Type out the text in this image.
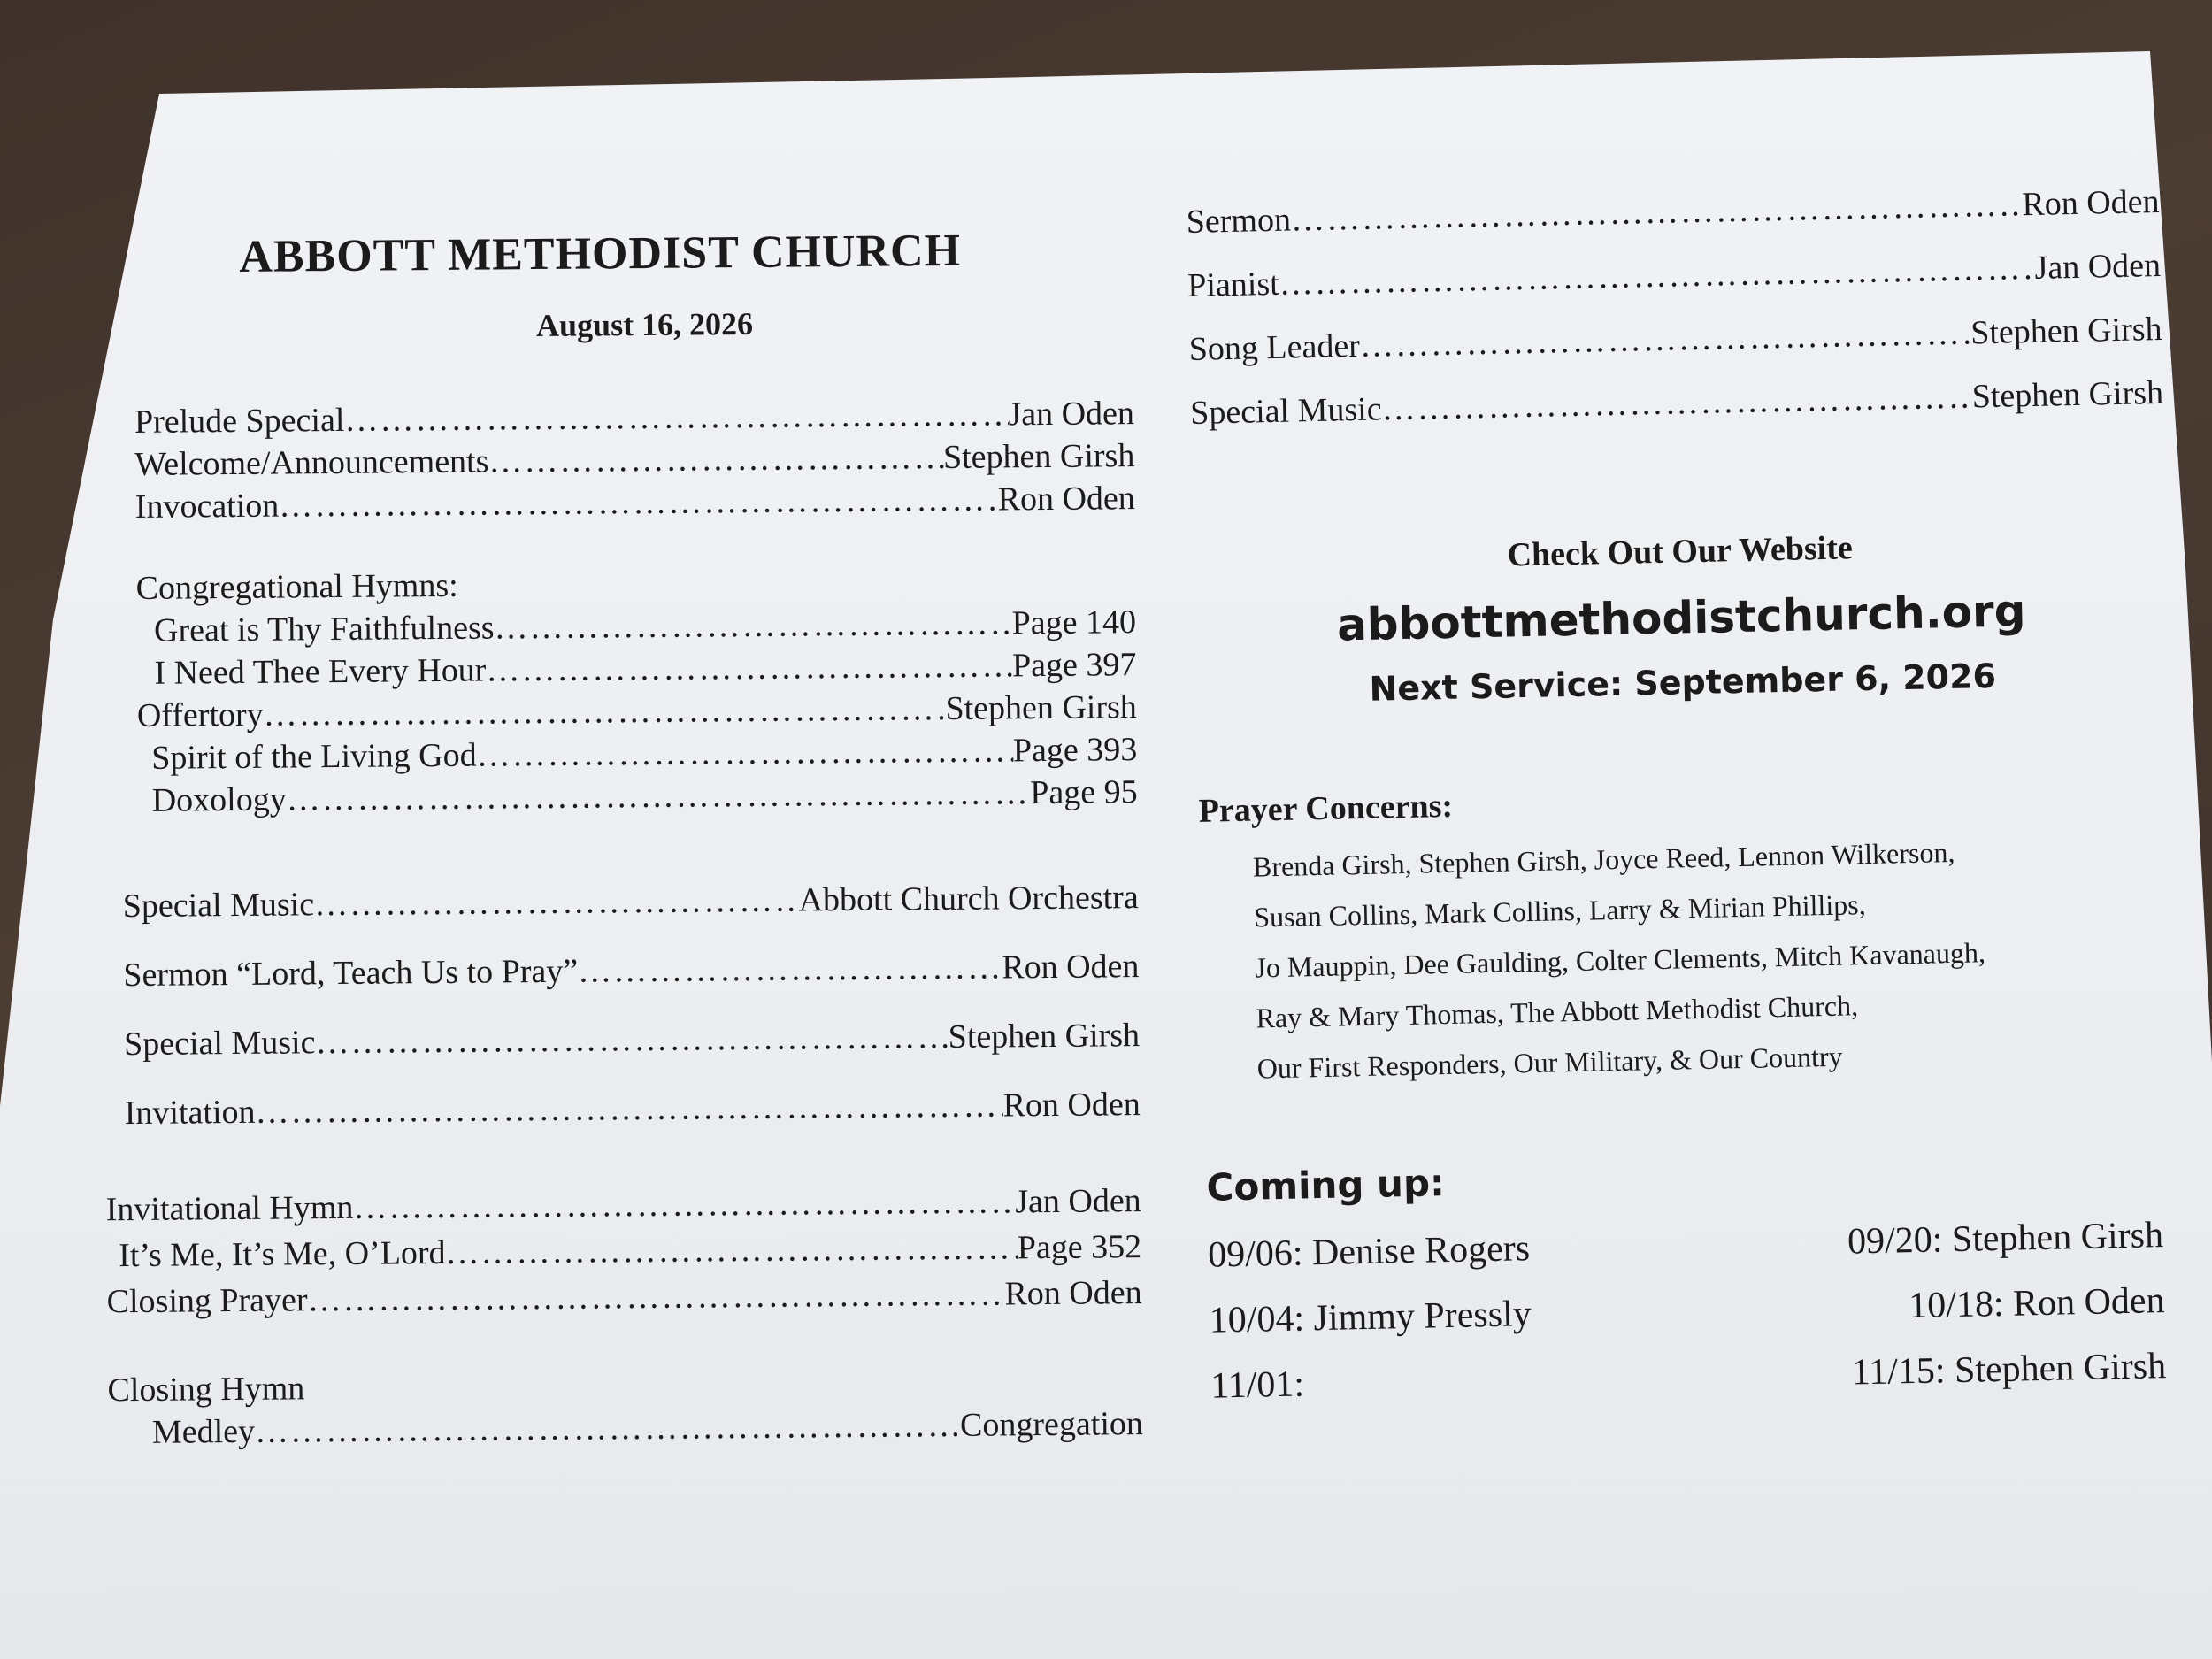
ABBOTT METHODIST CHURCH
August 16, 2026
Prelude Special …………………………………………………………………………………………………………………………………………	Jan Oden
Welcome/Announcements …………………………………………………………………………………………………………………………………………	Stephen Girsh
Invocation …………………………………………………………………………………………………………………………………………	Ron Oden
Congregational Hymns:
Great is Thy Faithfulness …………………………………………………………………………………………………………………………………………	Page 140
I Need Thee Every Hour …………………………………………………………………………………………………………………………………………	Page 397
Offertory …………………………………………………………………………………………………………………………………………	Stephen Girsh
Spirit of the Living God …………………………………………………………………………………………………………………………………………	Page 393
Doxology …………………………………………………………………………………………………………………………………………	Page 95
Special Music …………………………………………………………………………………………………………………………………………	Abbott Church Orchestra
Sermon “Lord, Teach Us to Pray” …………………………………………………………………………………………………………………………………………	Ron Oden
Special Music …………………………………………………………………………………………………………………………………………	Stephen Girsh
Invitation …………………………………………………………………………………………………………………………………………	Ron Oden
Invitational Hymn …………………………………………………………………………………………………………………………………………	Jan Oden
It’s Me, It’s Me, O’Lord …………………………………………………………………………………………………………………………………………	Page 352
Closing Prayer …………………………………………………………………………………………………………………………………………	Ron Oden
Closing Hymn
Medley …………………………………………………………………………………………………………………………………………	Congregation
Sermon …………………………………………………………………………………………………………………………………………	Ron Oden
Pianist …………………………………………………………………………………………………………………………………………	Jan Oden
Song Leader …………………………………………………………………………………………………………………………………………	Stephen Girsh
Special Music …………………………………………………………………………………………………………………………………………	Stephen Girsh
Check Out Our Website
abbottmethodistchurch.org
Next Service: September 6, 2026
Prayer Concerns:
Brenda Girsh, Stephen Girsh, Joyce Reed, Lennon Wilkerson,
Susan Collins, Mark Collins, Larry & Mirian Phillips,
Jo Mauppin, Dee Gaulding, Colter Clements, Mitch Kavanaugh,
Ray & Mary Thomas, The Abbott Methodist Church,
Our First Responders, Our Military, & Our Country
Coming up:
09/06: Denise Rogers	09/20: Stephen Girsh
10/04: Jimmy Pressly	10/18: Ron Oden
11/01:	11/15: Stephen Girsh
